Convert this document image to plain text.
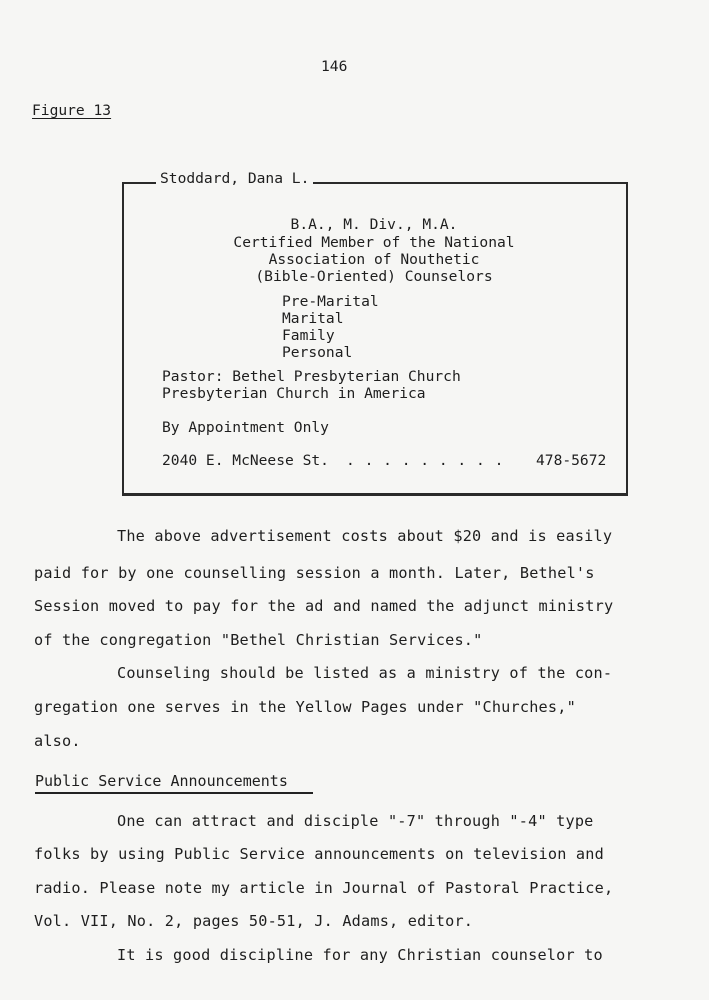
146
Figure 13
B.A., M. Div., M.A.
Certified Member of the National
Association of Nouthetic
(Bible-Oriented) Counselors
Pre-Marital
Marital
Family
Personal
Pastor: Bethel Presbyterian Church
Presbyterian Church in America
By Appointment Only
2040 E. McNeese St. . . . . . . . . . 478-5672
Stoddard, Dana L.
The above advertisement costs about $20 and is easily
paid for by one counselling session a month. Later, Bethel's
Session moved to pay for the ad and named the adjunct ministry
of the congregation "Bethel Christian Services."
Counseling should be listed as a ministry of the con-
gregation one serves in the Yellow Pages under "Churches,"
also.
Public Service Announcements
One can attract and disciple "-7" through "-4" type
folks by using Public Service announcements on television and
radio. Please note my article in Journal of Pastoral Practice,
Vol. VII, No. 2, pages 50-51, J. Adams, editor.
It is good discipline for any Christian counselor to
